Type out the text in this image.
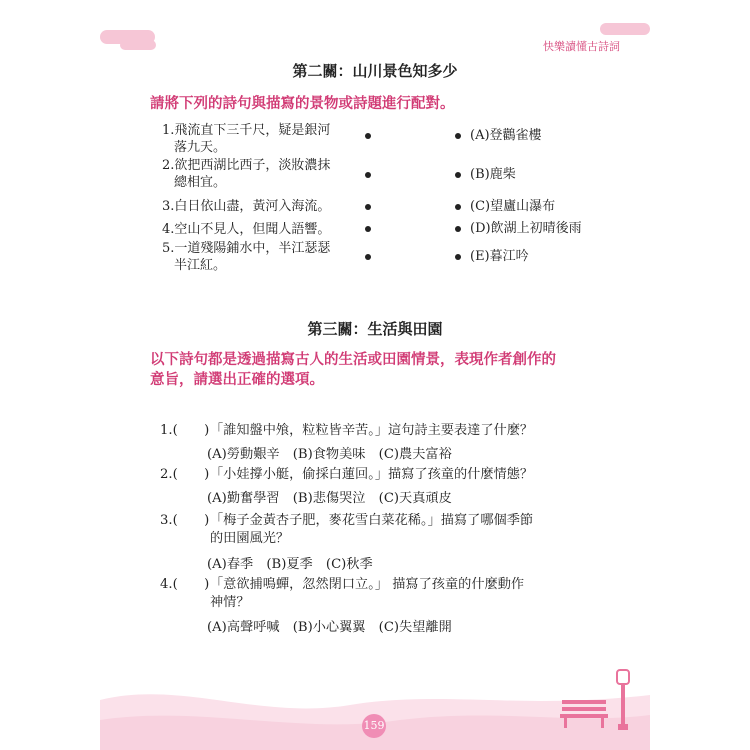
快樂讀懂古詩詞
第二關：山川景色知多少
請將下列的詩句與描寫的景物或詩題進行配對。
1.飛流直下三千尺，疑是銀河
落九天。
2.欲把西湖比西子，淡妝濃抹
總相宜。
3.白日依山盡，黃河入海流。
4.空山不見人，但聞人語響。
5.一道殘陽鋪水中，半江瑟瑟
半江紅。
(A)登鸛雀樓
(B)鹿柴
(C)望廬山瀑布
(D)飲湖上初晴後雨
(E)暮江吟
第三關：生活與田園
以下詩句都是透過描寫古人的生活或田園情景，表現作者創作的
意旨，請選出正確的選項。
1.(　　)「誰知盤中飧，粒粒皆辛苦。」這句詩主要表達了什麼？
(A)勞動艱辛　(B)食物美味　(C)農夫富裕
2.(　　)「小娃撐小艇，偷採白蓮回。」描寫了孩童的什麼情態？
(A)勤奮學習　(B)悲傷哭泣　(C)天真頑皮
3.(　　)「梅子金黃杏子肥，麥花雪白菜花稀。」描寫了哪個季節
的田園風光？
(A)春季　(B)夏季　(C)秋季
4.(　　)「意欲捕鳴蟬，忽然閉口立。」 描寫了孩童的什麼動作
神情？
(A)高聲呼喊　(B)小心翼翼　(C)失望離開
159
